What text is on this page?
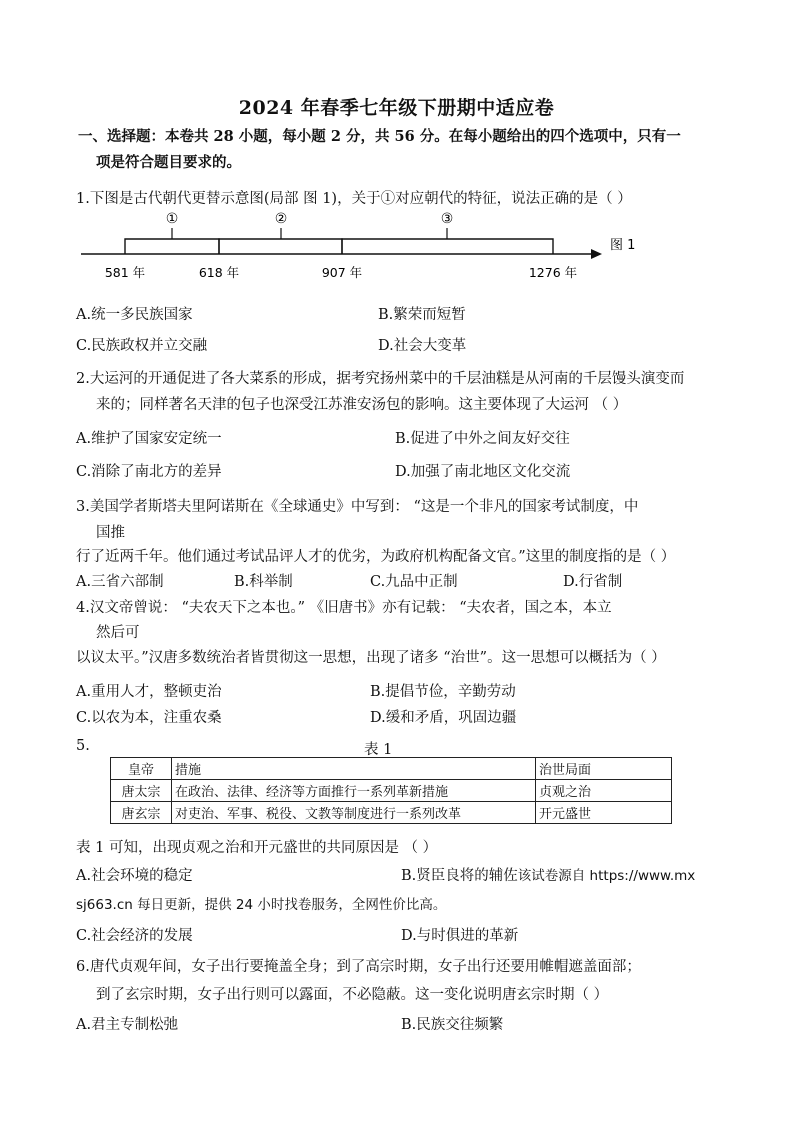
2024 年春季七年级下册期中适应卷
一、选择题：本卷共 28 小题，每小题 2 分，共 56 分。在每小题给出的四个选项中，只有一
项是符合题目要求的。
1.下图是古代朝代更替示意图(局部 图 1)，关于①对应朝代的特征，说法正确的是（ ）
①	②	③
581 年	618 年	907 年	1276 年
图 1
A.统一多民族国家	B.繁荣而短暂
C.民族政权并立交融	D.社会大变革
2.大运河的开通促进了各大菜系的形成，据考究扬州菜中的千层油糕是从河南的千层馒头演变而
来的；同样著名天津的包子也深受江苏淮安汤包的影响。这主要体现了大运河 （ ）
A.维护了国家安定统一	B.促进了中外之间友好交往
C.消除了南北方的差异	D.加强了南北地区文化交流
3.美国学者斯塔夫里阿诺斯在《全球通史》中写到： “这是一个非凡的国家考试制度，中
国推
行了近两千年。他们通过考试品评人才的优劣，为政府机构配备文官。”这里的制度指的是（ ）
A.三省六部制	B.科举制	C.九品中正制	D.行省制
4.汉文帝曾说： “夫农天下之本也。” 《旧唐书》亦有记载： “夫农者，国之本，本立
然后可
以议太平。”汉唐多数统治者皆贯彻这一思想，出现了诸多 “治世”。这一思想可以概括为（ ）
A.重用人才，整顿吏治	B.提倡节俭，辛勤劳动
C.以农为本，注重农桑	D.缓和矛盾，巩固边疆
5.	表 1
皇帝	措施	治世局面
唐太宗	在政治、法律、经济等方面推行一系列革新措施	贞观之治
唐玄宗	对吏治、军事、税役、文教等制度进行一系列改革	开元盛世
表 1 可知，出现贞观之治和开元盛世的共同原因是 （ ）
A.社会环境的稳定	B.贤臣良将的辅佐该试卷源自 https://www.mx
sj663.cn 每日更新，提供 24 小时找卷服务，全网性价比高。
C.社会经济的发展	D.与时俱进的革新
6.唐代贞观年间，女子出行要掩盖全身；到了高宗时期，女子出行还要用帷帽遮盖面部；
到了玄宗时期，女子出行则可以露面，不必隐蔽。这一变化说明唐玄宗时期（ ）
A.君主专制松弛	B.民族交往频繁
